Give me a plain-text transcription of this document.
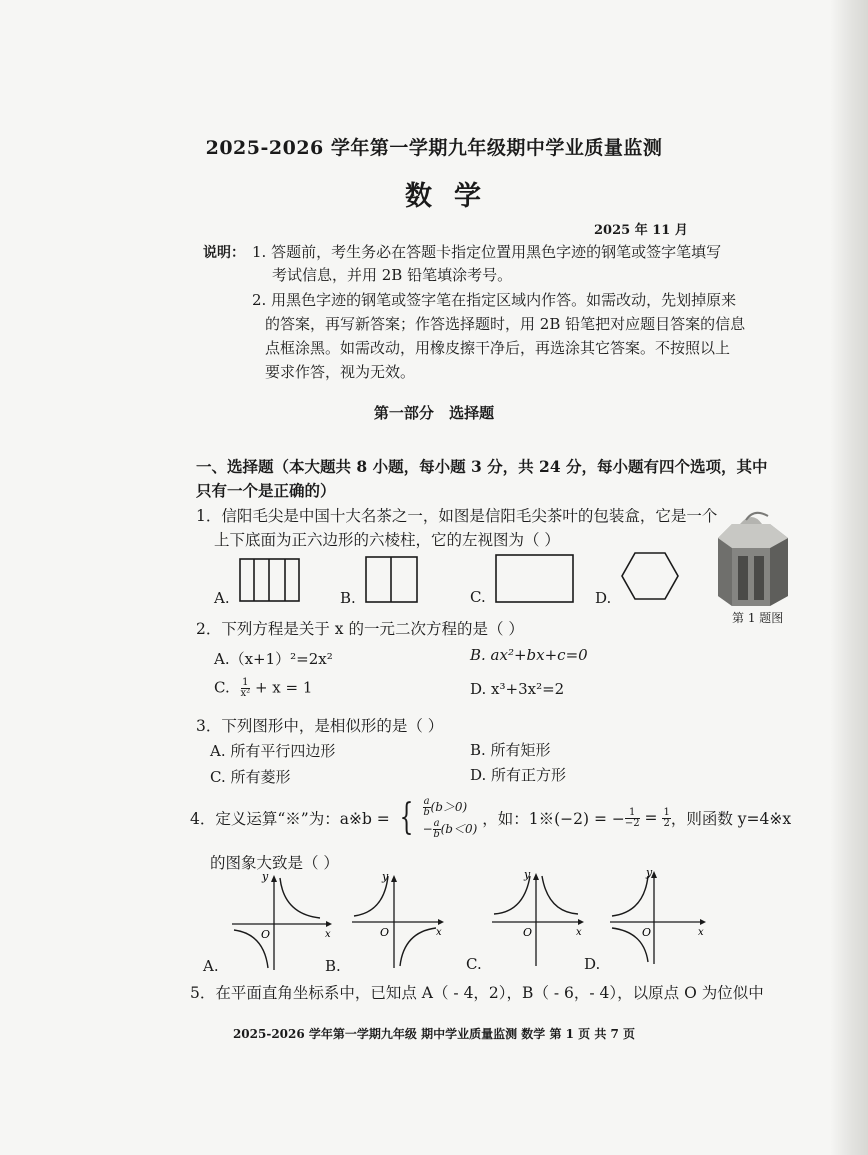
2025-2026 学年第一学期九年级期中学业质量监测
数学
2025 年 11 月
说明： 1. 答题前，考生务必在答题卡指定位置用黑色字迹的钢笔或签字笔填写
考试信息，并用 2B 铅笔填涂考号。
2. 用黑色字迹的钢笔或签字笔在指定区域内作答。如需改动，先划掉原来
的答案，再写新答案；作答选择题时，用 2B 铅笔把对应题目答案的信息
点框涂黑。如需改动，用橡皮擦干净后，再选涂其它答案。不按照以上
要求作答，视为无效。
第一部分 选择题
一、选择题（本大题共 8 小题，每小题 3 分，共 24 分，每小题有四个选项，其中
只有一个是正确的）
1．信阳毛尖是中国十大名茶之一，如图是信阳毛尖茶叶的包装盒，它是一个
上下底面为正六边形的六棱柱，它的左视图为（ ）
A.	B.	C.	D.
第 1 题图
2．下列方程是关于 x 的一元二次方程的是（ ）
A.（x+1）²=2x²	B. ax²+bx+c=0
C. $\frac{1}{\text{x²}} + x = 1$	D. x³+3x²=2
3．下列图形中，是相似形的是（ ）
A. 所有平行四边形	B. 所有矩形
C. 所有菱形	D. 所有正方形
4．定义运算“※”为：a※b = { $\frac{a}{b} (b>0)$
− $\frac{a}{b} (b<0)$
，如：1※(−2) = − $\frac{1}{-2} = \frac{1}{2}$ ，则函数 y=4※x
的图象大致是（ ）
A.
y
x
O
B.
y
x
O
C.
y
x
O
D.
y
x
O
5．在平面直角坐标系中，已知点 A（ - 4，2），B（ - 6，- 4），以原点 O 为位似中
2025-2026 学年第一学期九年级 期中学业质量监测 数学 第 1 页 共 7 页
